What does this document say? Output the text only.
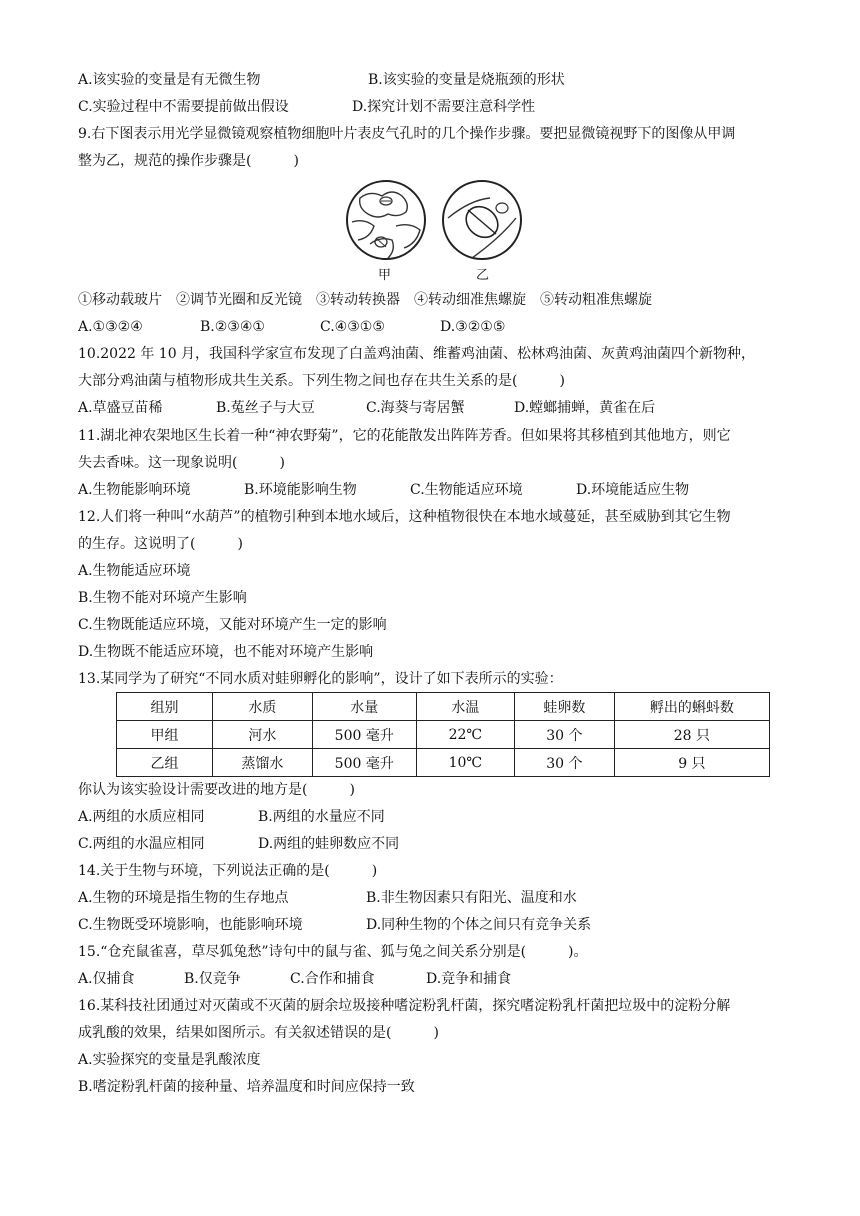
A.该实验的变量是有无微生物	B.该实验的变量是烧瓶颈的形状
C.实验过程中不需要提前做出假设	D.探究计划不需要注意科学性
9.右下图表示用光学显微镜观察植物细胞叶片表皮气孔时的几个操作步骤。要把显微镜视野下的图像从甲调
整为乙，规范的操作步骤是(　　　)
甲	乙
①移动载玻片　②调节光圈和反光镜　③转动转换器　④转动细准焦螺旋　⑤转动粗准焦螺旋
A.①③②④	B.②③④①	C.④③①⑤	D.③②①⑤
10.2022 年 10 月，我国科学家宣布发现了白盖鸡油菌、维蓄鸡油菌、松林鸡油菌、灰黄鸡油菌四个新物种，
大部分鸡油菌与植物形成共生关系。下列生物之间也存在共生关系的是(　　　)
A.草盛豆苗稀	B.菟丝子与大豆	C.海葵与寄居蟹	D.螳螂捕蝉，黄雀在后
11.湖北神农架地区生长着一种“神农野菊”，它的花能散发出阵阵芳香。但如果将其移植到其他地方，则它
失去香味。这一现象说明(　　　)
A.生物能影响环境	B.环境能影响生物	C.生物能适应环境	D.环境能适应生物
12.人们将一种叫“水葫芦”的植物引种到本地水域后，这种植物很快在本地水域蔓延，甚至威胁到其它生物
的生存。这说明了(　　　)
A.生物能适应环境
B.生物不能对环境产生影响
C.生物既能适应环境，又能对环境产生一定的影响
D.生物既不能适应环境，也不能对环境产生影响
13.某同学为了研究“不同水质对蛙卵孵化的影响”，设计了如下表所示的实验：
组别	水质	水量	水温	蛙卵数	孵出的蝌蚪数
甲组	河水	500 毫升	22℃	30 个	28 只
乙组	蒸馏水	500 毫升	10℃	30 个	9 只
你认为该实验设计需要改进的地方是(　　　)
A.两组的水质应相同	B.两组的水量应不同
C.两组的水温应相同	D.两组的蛙卵数应不同
14.关于生物与环境，下列说法正确的是(　　　)
A.生物的环境是指生物的生存地点	B.非生物因素只有阳光、温度和水
C.生物既受环境影响，也能影响环境	D.同种生物的个体之间只有竞争关系
15.“仓充鼠雀喜，草尽狐兔愁”诗句中的鼠与雀、狐与兔之间关系分别是(　　　)。
A.仅捕食	B.仅竞争	C.合作和捕食	D.竞争和捕食
16.某科技社团通过对灭菌或不灭菌的厨余垃圾接种嗜淀粉乳杆菌，探究嗜淀粉乳杆菌把垃圾中的淀粉分解
成乳酸的效果，结果如图所示。有关叙述错误的是(　　　)
A.实验探究的变量是乳酸浓度
B.嗜淀粉乳杆菌的接种量、培养温度和时间应保持一致
